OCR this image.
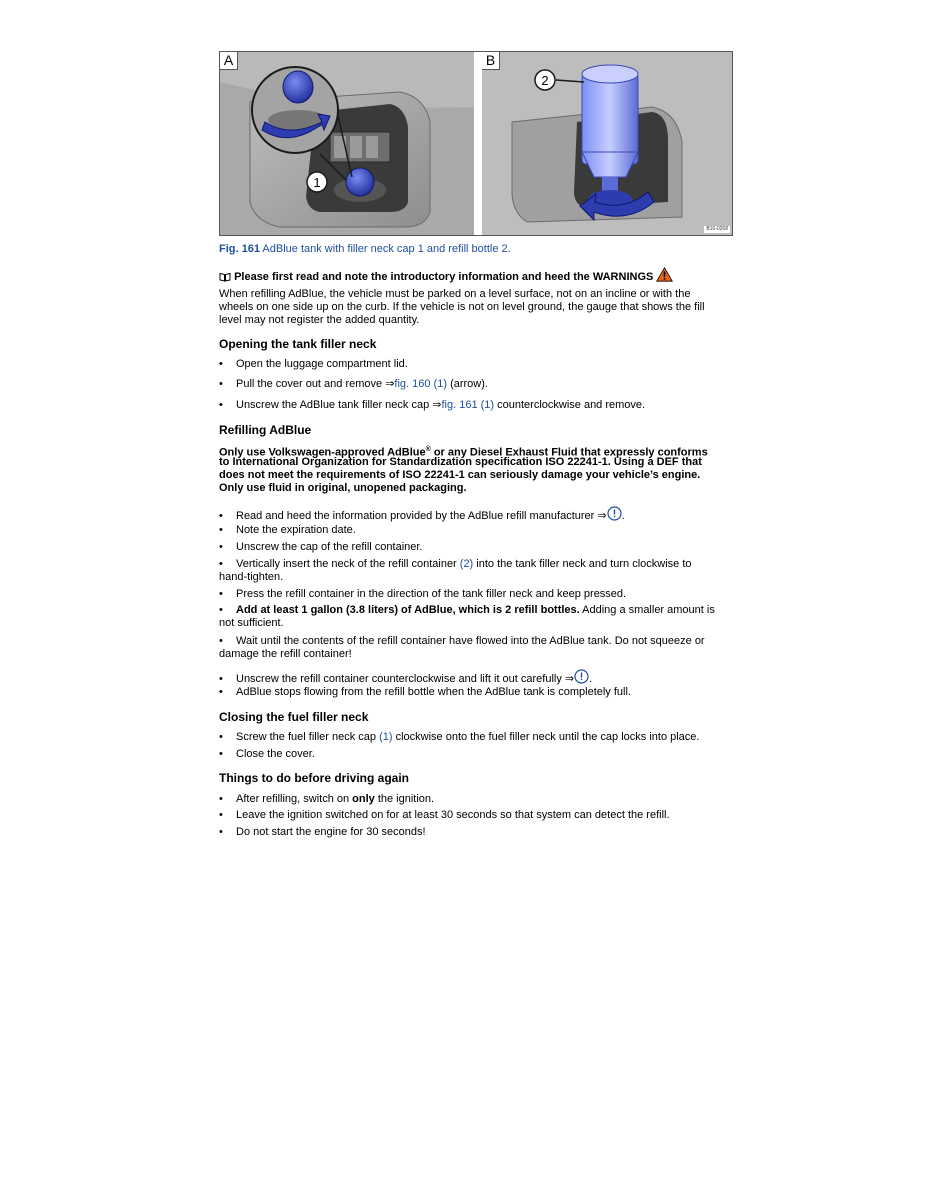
1
A
2
B
B16-0268
Fig. 161 AdBlue tank with filler neck cap 1 and refill bottle 2.
Please first read and note the introductory information and heed the WARNINGS
When refilling AdBlue, the vehicle must be parked on a level surface, not on an incline or with the
wheels on one side up on the curb. If the vehicle is not on level ground, the gauge that shows the fill
level may not register the added quantity.
Opening the tank filler neck
• Open the luggage compartment lid.
• Pull the cover out and remove ⇒fig. 160 (1) (arrow).
• Unscrew the AdBlue tank filler neck cap ⇒fig. 161 (1) counterclockwise and remove.
Refilling AdBlue
Only use Volkswagen-approved AdBlue® or any Diesel Exhaust Fluid that expressly conforms
to International Organization for Standardization specification ISO 22241-1. Using a DEF that
does not meet the requirements of ISO 22241-1 can seriously damage your vehicle’s engine.
Only use fluid in original, unopened packaging.
• Read and heed the information provided by the AdBlue refill manufacturer ⇒ .
• Note the expiration date.
• Unscrew the cap of the refill container.
• Vertically insert the neck of the refill container (2) into the tank filler neck and turn clockwise to
hand-tighten.
• Press the refill container in the direction of the tank filler neck and keep pressed.
• Add at least 1 gallon (3.8 liters) of AdBlue, which is 2 refill bottles. Adding a smaller amount is
not sufficient.
• Wait until the contents of the refill container have flowed into the AdBlue tank. Do not squeeze or
damage the refill container!
• Unscrew the refill container counterclockwise and lift it out carefully ⇒ .
• AdBlue stops flowing from the refill bottle when the AdBlue tank is completely full.
Closing the fuel filler neck
• Screw the fuel filler neck cap (1) clockwise onto the fuel filler neck until the cap locks into place.
• Close the cover.
Things to do before driving again
• After refilling, switch on only the ignition.
• Leave the ignition switched on for at least 30 seconds so that system can detect the refill.
• Do not start the engine for 30 seconds!
